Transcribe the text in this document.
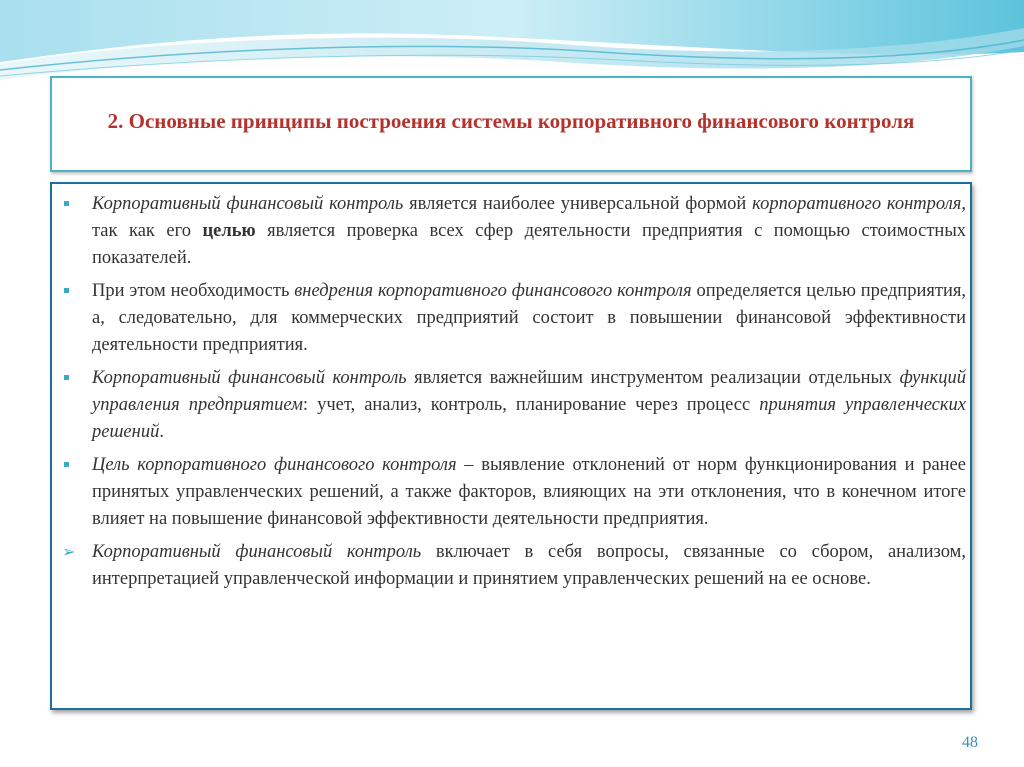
2. Основные принципы построения системы корпоративного финансового контроля
Корпоративный финансовый контроль является наиболее универсальной формой корпоративного контроля, так как его целью является проверка всех сфер деятельности предприятия с помощью стоимостных показателей.
При этом необходимость внедрения корпоративного финансового контроля определяется целью предприятия, а, следовательно, для коммерческих предприятий состоит в повышении финансовой эффективности деятельности предприятия.
Корпоративный финансовый контроль является важнейшим инструментом реализации отдельных функций управления предприятием: учет, анализ, контроль, планирование через процесс принятия управленческих решений.
Цель корпоративного финансового контроля – выявление отклонений от норм функционирования и ранее принятых управленческих решений, а также факторов, влияющих на эти отклонения, что в конечном итоге влияет на повышение финансовой эффективности деятельности предприятия.
➢ Корпоративный финансовый контроль включает в себя вопросы, связанные со сбором, анализом, интерпретацией управленческой информации и принятием управленческих решений на ее основе.
48
